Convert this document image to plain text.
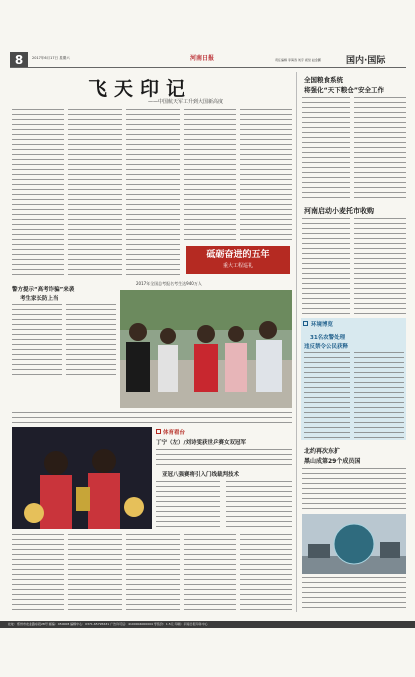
8	2017年6月17日 星期六	河南日报	责任编辑 李海涛 刘宇 视觉 赵金鹏	国内·国际
飞天印记
——中国航天军工升到大国新高度
砥砺奋进的五年
重大工程巡礼
全国粮食系统
将强化“天下粮仓”安全工作
河南启动小麦托市收购
警方提示“高考诈骗”来袭
考生家长防上当
2017年全国总考报名考生达940万人
环境博览
31名农警处理
违反禁令公民获释
体育看台
丁宁（左）/刘诗雯获世乒赛女双冠军
亚冠八强赛将引入门线裁判技术
北约再次东扩
黑山成第29个成员国
社址：郑州市农业路东段28号 邮编：450008 编辑中心：0371-65795631 广告许可证：4100004000004 零售价：1.5元 印刷：河南日报印务中心
